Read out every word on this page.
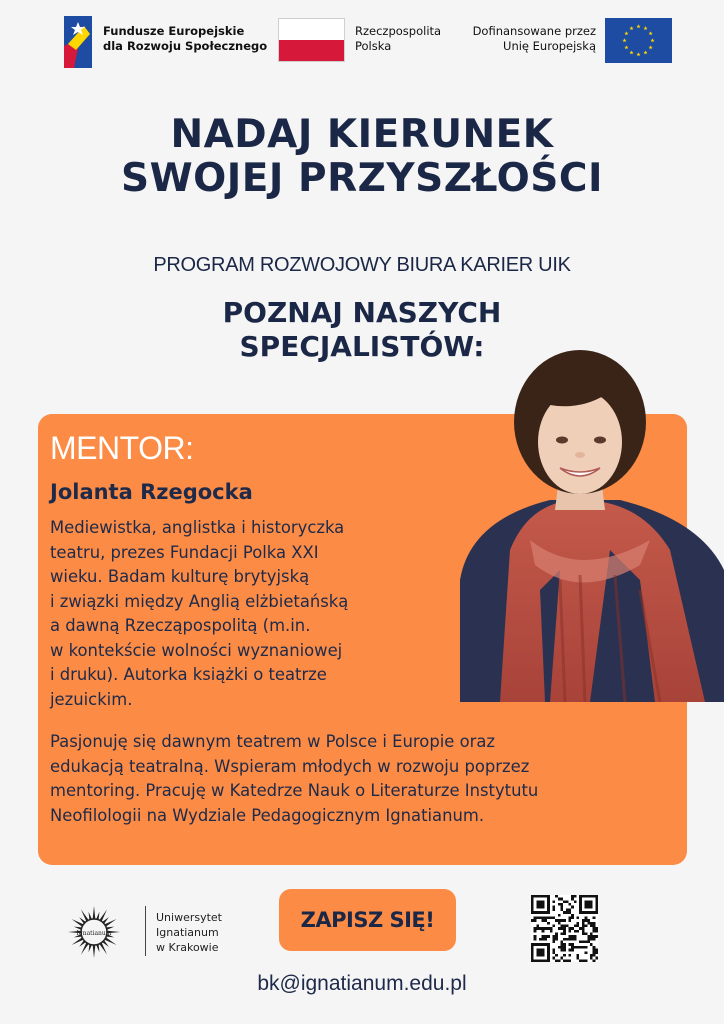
Fundusze Europejskie
dla Rozwoju Społecznego
Rzeczpospolita
Polska
Dofinansowane przez
Unię Europejską
NADAJ KIERUNEK
SWOJEJ PRZYSZŁOŚCI
PROGRAM ROZWOJOWY BIURA KARIER UIK
POZNAJ NASZYCH
SPECJALISTÓW:
MENTOR:
Jolanta Rzegocka
Mediewistka, anglistka i historyczka
teatru, prezes Fundacji Polka XXI
wieku. Badam kulturę brytyjską
i związki między Anglią elżbietańską
a dawną Rzecząpospolitą (m.in.
w kontekście wolności wyznaniowej
i druku). Autorka książki o teatrze
jezuickim.
Pasjonuję się dawnym teatrem w Polsce i Europie oraz
edukacją teatralną. Wspieram młodych w rozwoju poprzez
mentoring. Pracuję w Katedrze Nauk o Literaturze Instytutu
Neofilologii na Wydziale Pedagogicznym Ignatianum.
Ignatianum
Uniwersytet
Ignatianum
w Krakowie
ZAPISZ SIĘ!
bk@ignatianum.edu.pl
